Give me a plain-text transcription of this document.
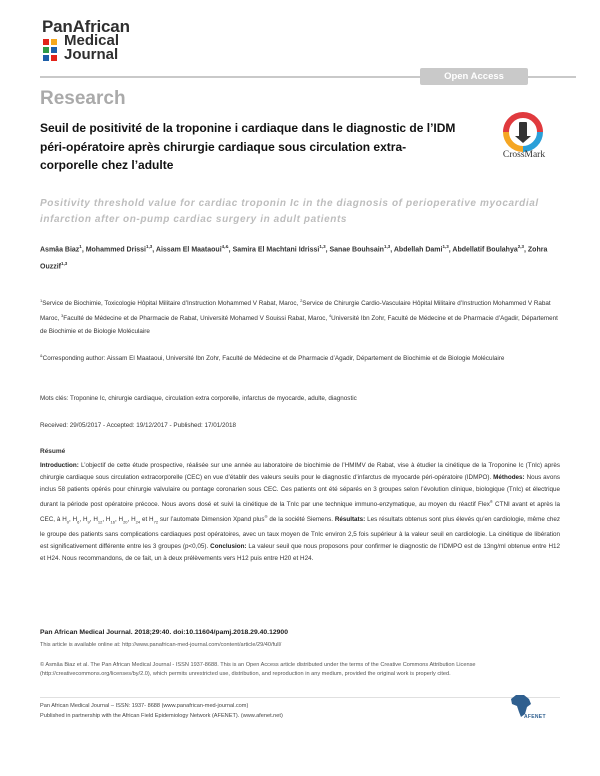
PanAfrican
Medical
Journal
Open Access
Research
Seuil de positivité de la troponine i cardiaque dans le diagnostic de l’IDM péri-opératoire après chirurgie cardiaque sous circulation extra-corporelle chez l’adulte
CrossMark
Positivity threshold value for cardiac troponin Ic in the diagnosis of perioperative myocardial infarction after on-pump cardiac surgery in adult patients
Asmâa Biaz$^1$, Mohammed Drissi$^{1,3}$, Aissam El Maataoui$^{4,\&}$, Samira El Machtani Idrissi$^{1,3}$, Sanae Bouhsain$^{1,3}$, Abdellah Dami$^{1,3}$, Abdellatif Boulahya$^{2,3}$, Zohra Ouzzif$^{1,3}$
$^1$Service de Biochimie, Toxicologie Hôpital Militaire d’Instruction Mohammed V Rabat, Maroc, $^2$Service de Chirurgie Cardio-Vasculaire Hôpital Militaire d’Instruction Mohammed V Rabat Maroc, $^3$Faculté de Médecine et de Pharmacie de Rabat, Université Mohamed V Souissi Rabat, Maroc, $^4$Université Ibn Zohr, Faculté de Médecine et de Pharmacie d’Agadir, Département de Biochimie et de Biologie Moléculaire
&Corresponding author: Aissam El Maataoui, Université Ibn Zohr, Faculté de Médecine et de Pharmacie d’Agadir, Département de Biochimie et de Biologie Moléculaire
Mots clés: Troponine Ic, chirurgie cardiaque, circulation extra corporelle, infarctus de myocarde, adulte, diagnostic
Received: 29/05/2017 - Accepted: 19/12/2017 - Published: 17/01/2018
Résumé
Introduction: L’objectif de cette étude prospective, réalisée sur une année au laboratoire de biochimie de l’HMIMV de Rabat, vise à étudier la cinétique de la Troponine Ic (TnIc) après chirurgie cardiaque sous circulation extracorporelle (CEC) en vue d’établir des valeurs seuils pour le diagnostic d’infarctus de myocarde péri-opératoire (IDMPO). Méthodes: Nous avons inclus 58 patients opérés pour chirurgie valvulaire ou pontage coronarien sous CEC. Ces patients ont été séparés en 3 groupes selon l’évolution clinique, biologique (TnIc) et électrique durant la période post opératoire précoce. Nous avons dosé et suivi la cinétique de la TnIc par une technique immuno-enzymatique, au moyen du réactif Flex® CTNI avant et après la CEC, à $H_0$, $H_6$, $H_9$, $H_{12}$, $H_{16}$, $H_{20}$, $H_{24}$ et $H_{72}$ sur l’automate Dimension Xpand plus® de la société Siemens. Résultats: Les résultats obtenus sont plus élevés qu’en cardiologie, même chez le groupe des patients sans complications cardiaques post opératoires, avec un taux moyen de TnIc environ 2,5 fois supérieur à la valeur seuil en cardiologie. La cinétique de libération est significativement différente entre les 3 groupes (p<0,05). Conclusion: La valeur seuil que nous proposons pour confirmer le diagnostic de l’IDMPO est de 13ng/ml obtenue entre H12 et H24. Nous recommandons, de ce fait, un à deux prélèvements vers H12 puis entre H20 et H24.
Pan African Medical Journal. 2018;29:40. doi:10.11604/pamj.2018.29.40.12900
This article is available online at: http://www.panafrican-med-journal.com/content/article/29/40/full/
© Asmâa Biaz et al. The Pan African Medical Journal - ISSN 1937-8688. This is an Open Access article distributed under the terms of the Creative Commons Attribution License (http://creativecommons.org/licenses/by/2.0), which permits unrestricted use, distribution, and reproduction in any medium, provided the original work is properly cited.
Pan African Medical Journal – ISSN: 1937- 8688 (www.panafrican-med-journal.com)
Published in partnership with the African Field Epidemiology Network (AFENET). (www.afenet.net)	AFENET
